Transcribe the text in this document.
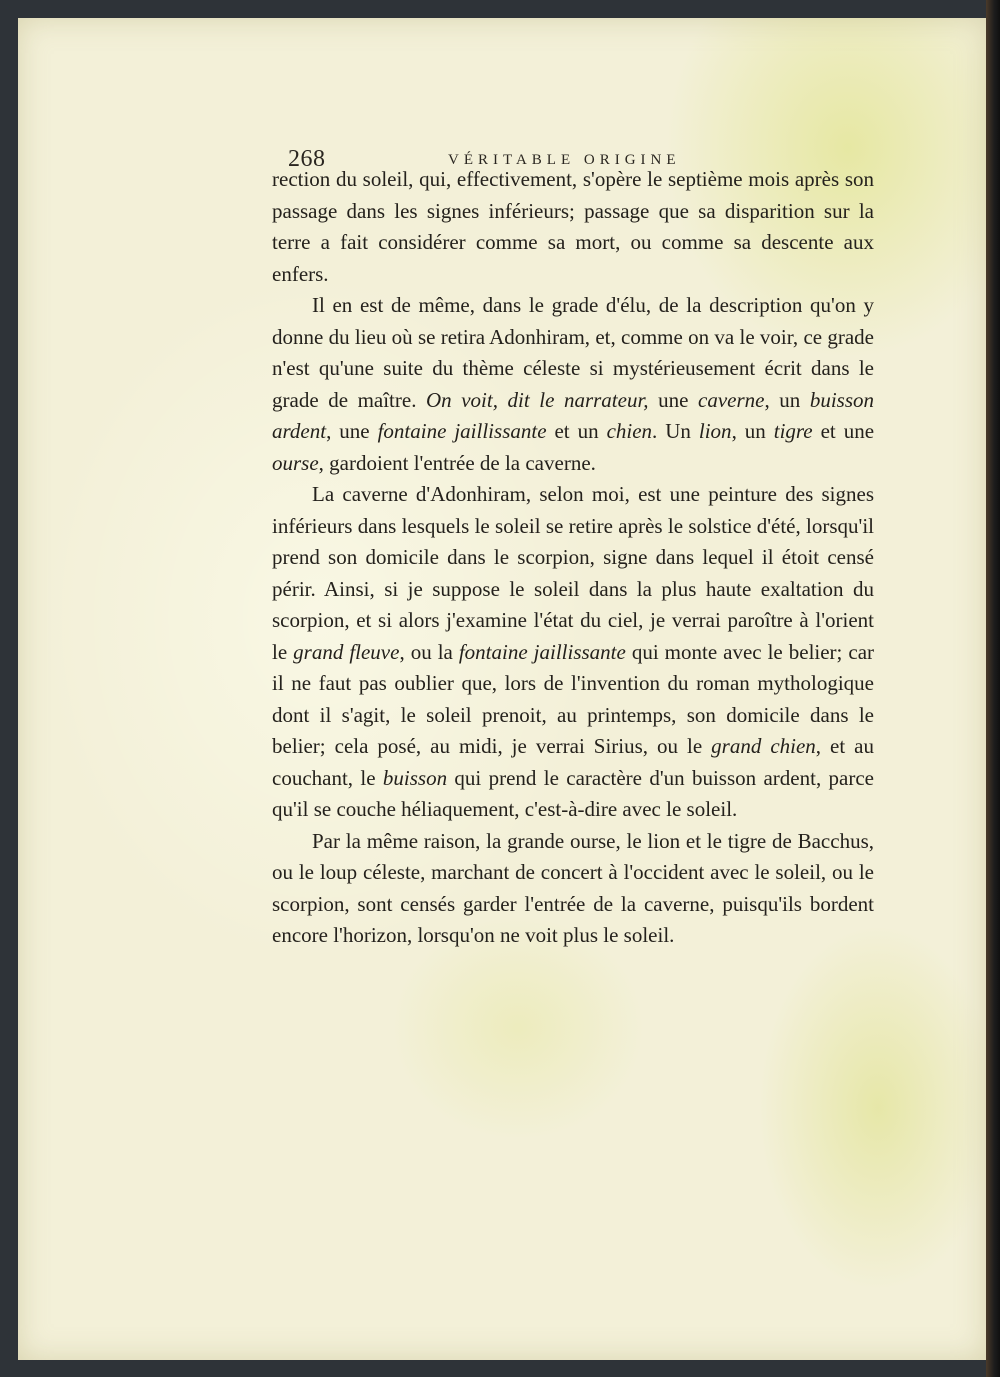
268	VÉRITABLE ORIGINE

rection du soleil, qui, effectivement, s'opère le septième mois après son passage dans les signes inférieurs; passage que sa disparition sur la terre a fait considérer comme sa mort, ou comme sa descente aux enfers.

Il en est de même, dans le grade d'élu, de la description qu'on y donne du lieu où se retira Adonhiram, et, comme on va le voir, ce grade n'est qu'une suite du thème céleste si mystérieusement écrit dans le grade de maître. On voit, dit le narrateur, une caverne, un buisson ardent, une fontaine jaillissante et un chien. Un lion, un tigre et une ourse, gardoient l'entrée de la caverne.

La caverne d'Adonhiram, selon moi, est une peinture des signes inférieurs dans lesquels le soleil se retire après le solstice d'été, lorsqu'il prend son domicile dans le scorpion, signe dans lequel il étoit censé périr. Ainsi, si je suppose le soleil dans la plus haute exaltation du scorpion, et si alors j'examine l'état du ciel, je verrai paroître à l'orient le grand fleuve, ou la fontaine jaillissante qui monte avec le belier; car il ne faut pas oublier que, lors de l'invention du roman mythologique dont il s'agit, le soleil prenoit, au printemps, son domicile dans le belier; cela posé, au midi, je verrai Sirius, ou le grand chien, et au couchant, le buisson qui prend le caractère d'un buisson ardent, parce qu'il se couche héliaquement, c'est-à-dire avec le soleil.

Par la même raison, la grande ourse, le lion et le tigre de Bacchus, ou le loup céleste, marchant de concert à l'occident avec le soleil, ou le scorpion, sont censés garder l'entrée de la caverne, puisqu'ils bordent encore l'horizon, lorsqu'on ne voit plus le soleil.
